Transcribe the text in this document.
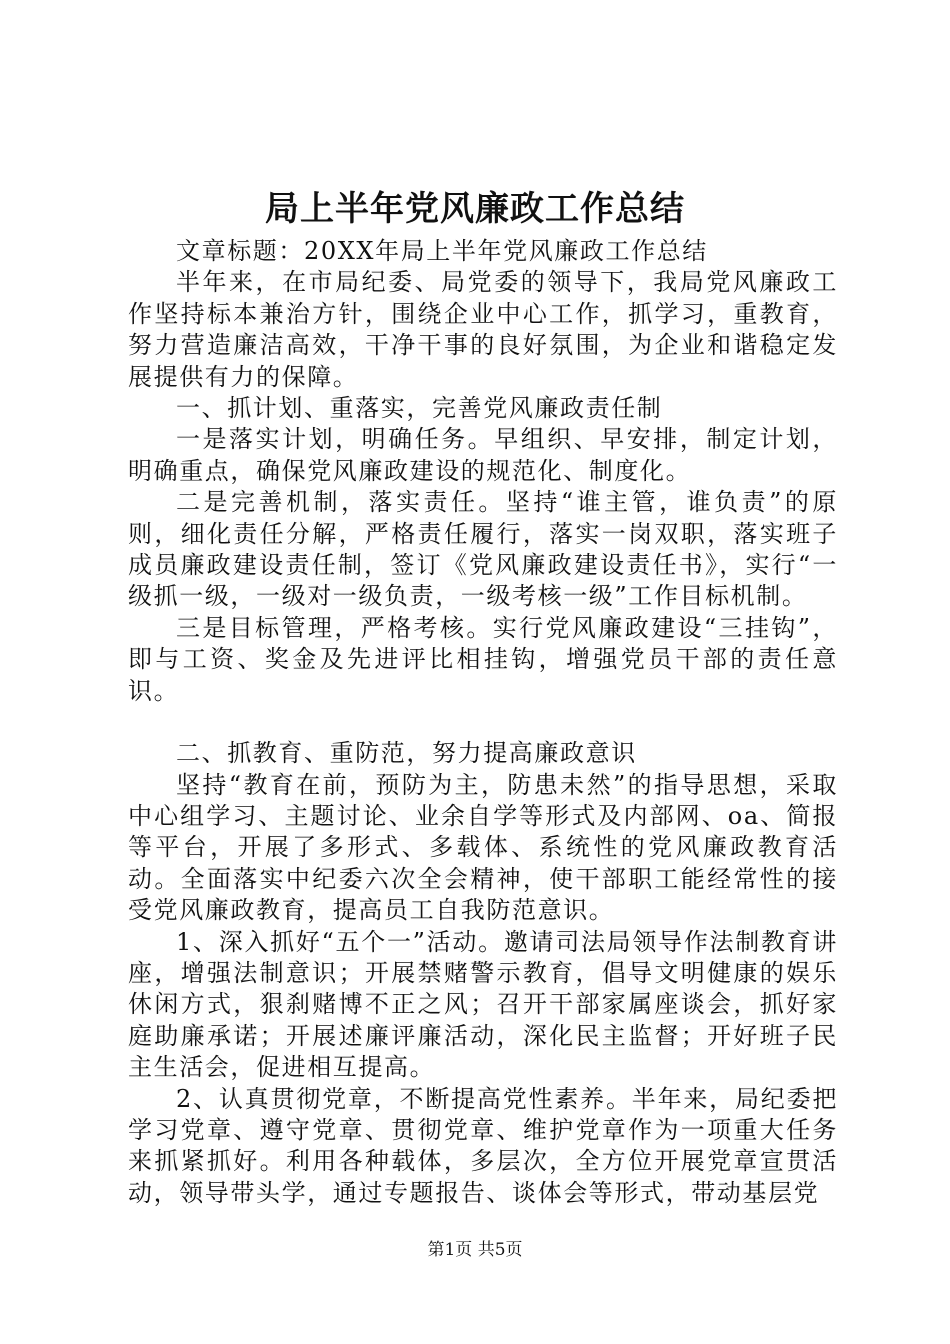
局上半年党风廉政工作总结

文章标题：20XX年局上半年党风廉政工作总结

半年来，在市局纪委、局党委的领导下，我局党风廉政工作坚持标本兼治方针，围绕企业中心工作，抓学习，重教育，努力营造廉洁高效，干净干事的良好氛围，为企业和谐稳定发展提供有力的保障。

一、抓计划、重落实，完善党风廉政责任制

一是落实计划，明确任务。早组织、早安排，制定计划，明确重点，确保党风廉政建设的规范化、制度化。

二是完善机制，落实责任。坚持“谁主管，谁负责”的原则，细化责任分解，严格责任履行，落实一岗双职，落实班子成员廉政建设责任制，签订《党风廉政建设责任书》，实行“一级抓一级，一级对一级负责，一级考核一级”工作目标机制。

三是目标管理，严格考核。实行党风廉政建设“三挂钩”，即与工资、奖金及先进评比相挂钩，增强党员干部的责任意识。

二、抓教育、重防范，努力提高廉政意识

坚持“教育在前，预防为主，防患未然”的指导思想，采取中心组学习、主题讨论、业余自学等形式及内部网、oa、简报等平台，开展了多形式、多载体、系统性的党风廉政教育活动。全面落实中纪委六次全会精神，使干部职工能经常性的接受党风廉政教育，提高员工自我防范意识。

1、深入抓好“五个一”活动。邀请司法局领导作法制教育讲座，增强法制意识；开展禁赌警示教育，倡导文明健康的娱乐休闲方式，狠刹赌博不正之风；召开干部家属座谈会，抓好家庭助廉承诺；开展述廉评廉活动，深化民主监督；开好班子民主生活会，促进相互提高。

2、认真贯彻党章，不断提高党性素养。半年来，局纪委把学习党章、遵守党章、贯彻党章、维护党章作为一项重大任务来抓紧抓好。利用各种载体，多层次，全方位开展党章宣贯活动，领导带头学，通过专题报告、谈体会等形式，带动基层党

第1页 共5页
